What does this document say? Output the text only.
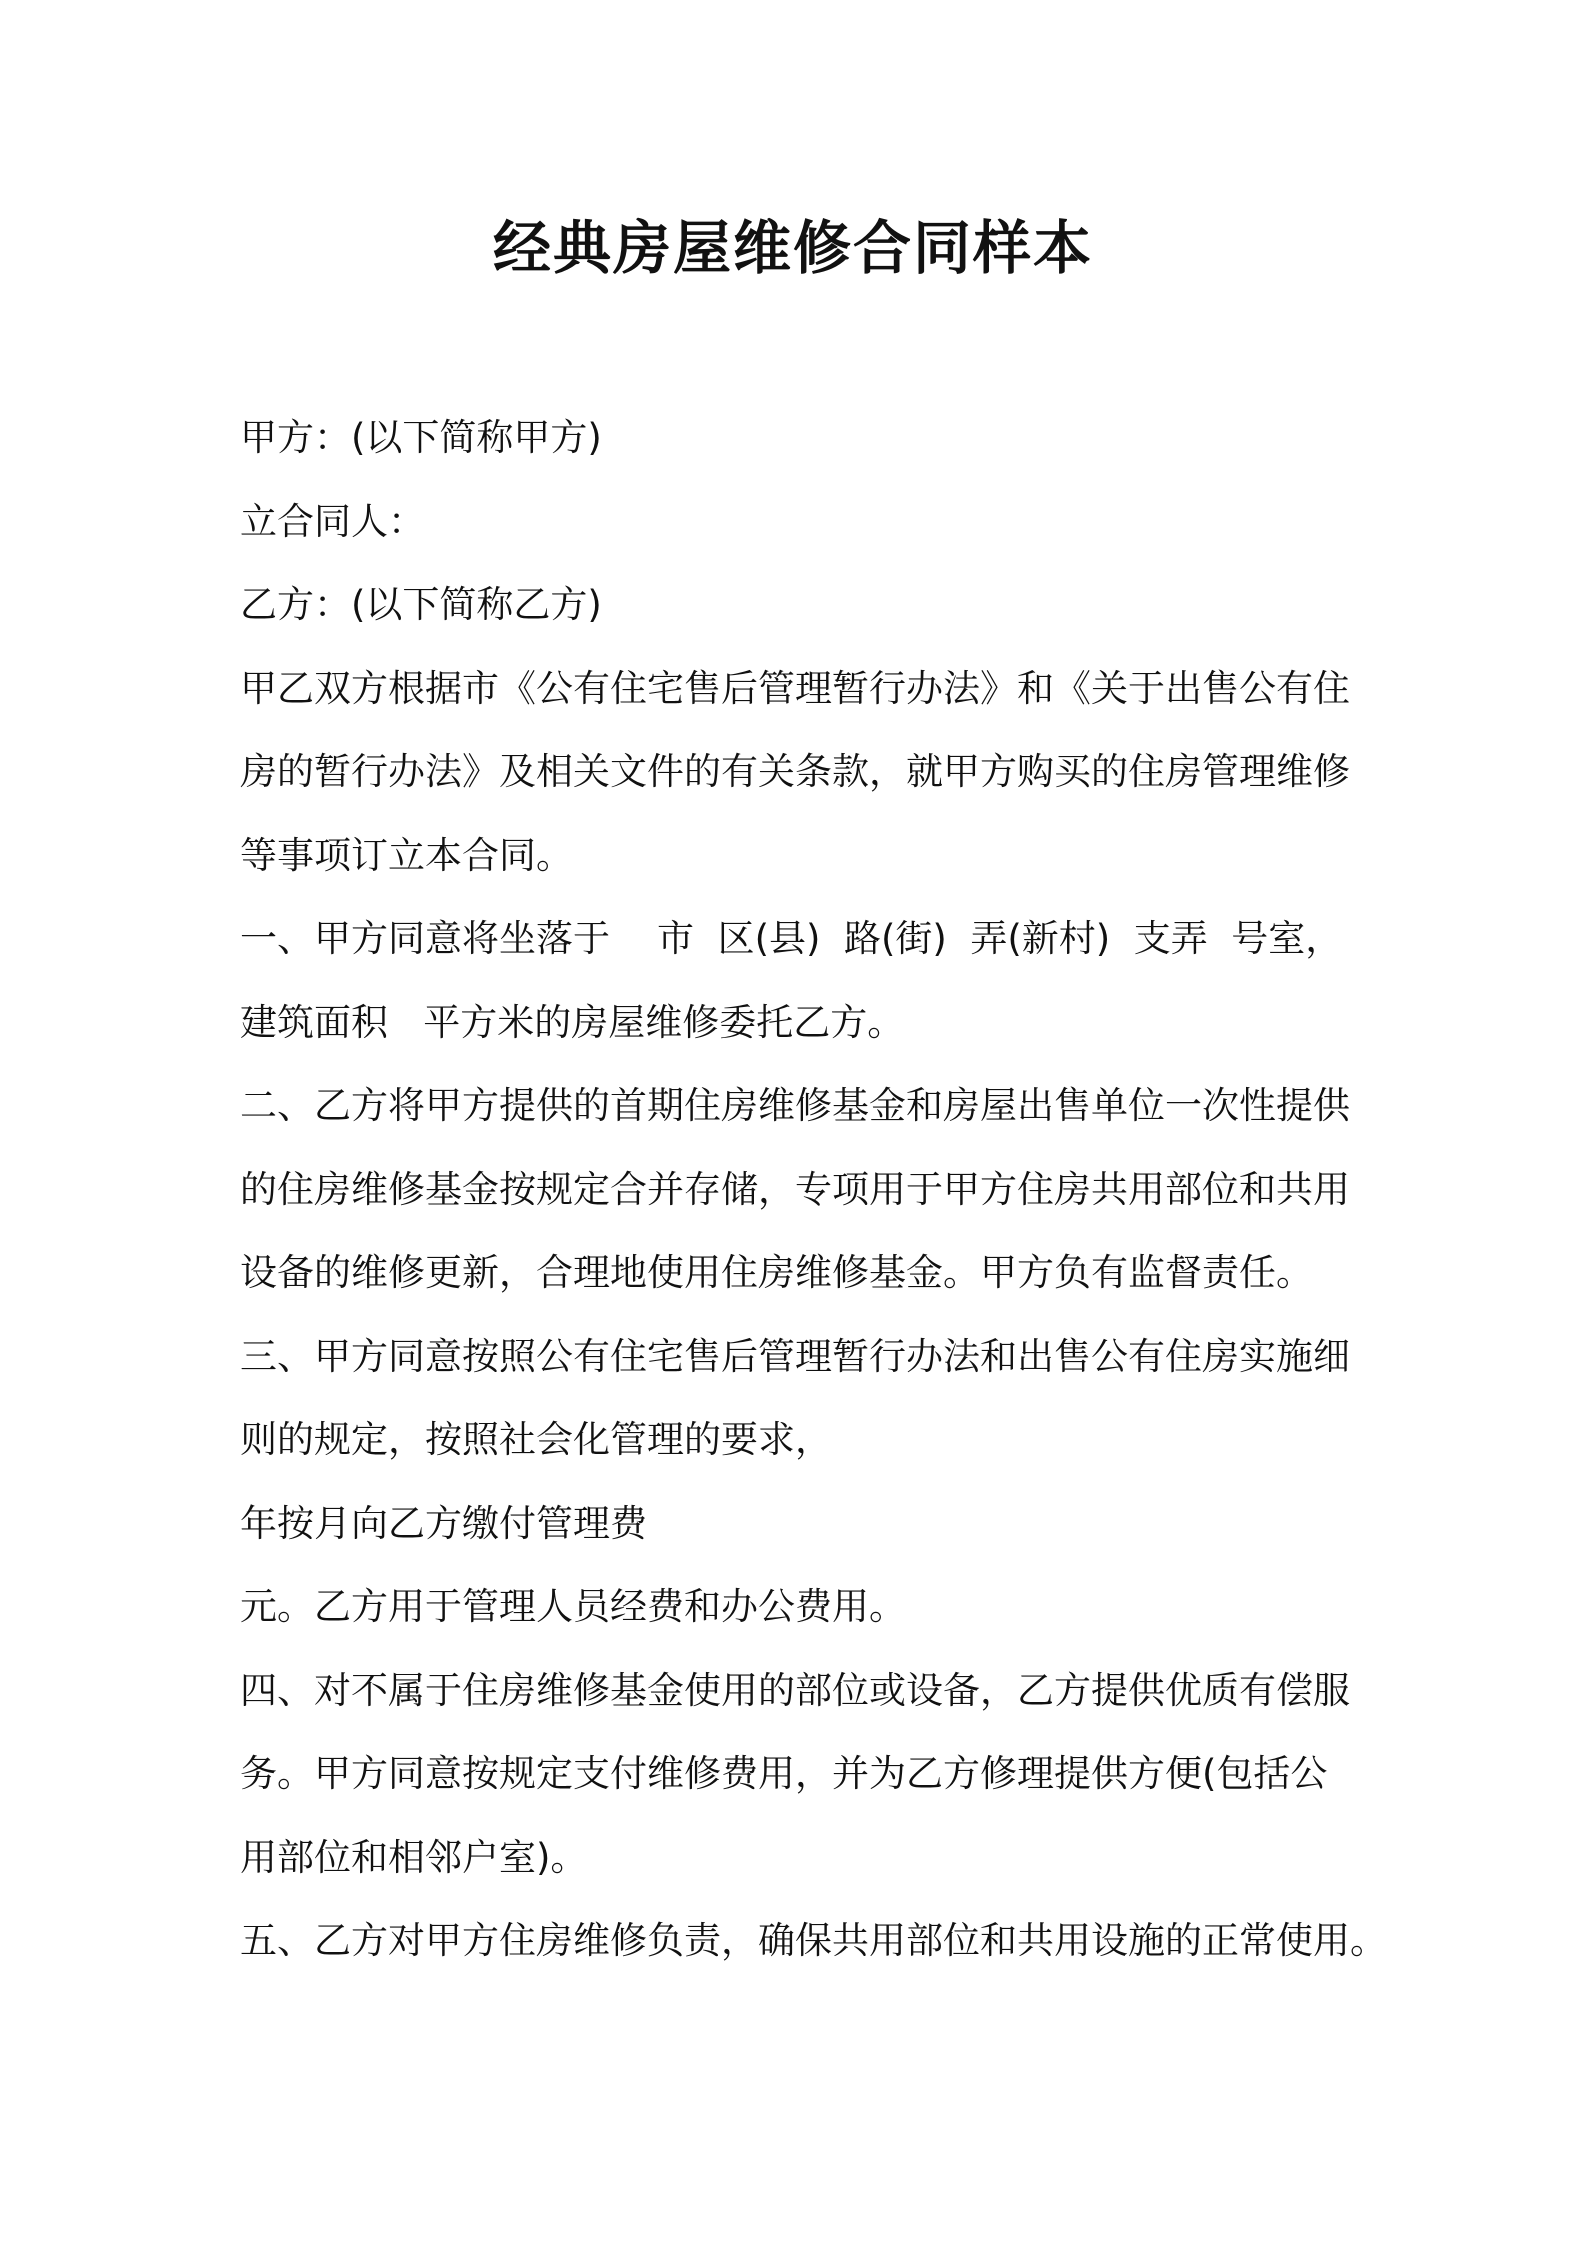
经典房屋维修合同样本
甲方：(以下简称甲方)
立合同人：
乙方：(以下简称乙方)
甲乙双方根据市《公有住宅售后管理暂行办法》和《关于出售公有住
房的暂行办法》及相关文件的有关条款，就甲方购买的住房管理维修
等事项订立本合同。
一、甲方同意将坐落于    市  区(县)  路(街)  弄(新村)  支弄  号室，
建筑面积   平方米的房屋维修委托乙方。
二、乙方将甲方提供的首期住房维修基金和房屋出售单位一次性提供
的住房维修基金按规定合并存储，专项用于甲方住房共用部位和共用
设备的维修更新，合理地使用住房维修基金。甲方负有监督责任。
三、甲方同意按照公有住宅售后管理暂行办法和出售公有住房实施细
则的规定，按照社会化管理的要求，
年按月向乙方缴付管理费
元。乙方用于管理人员经费和办公费用。
四、对不属于住房维修基金使用的部位或设备，乙方提供优质有偿服
务。甲方同意按规定支付维修费用，并为乙方修理提供方便(包括公
用部位和相邻户室)。
五、乙方对甲方住房维修负责，确保共用部位和共用设施的正常使用。
